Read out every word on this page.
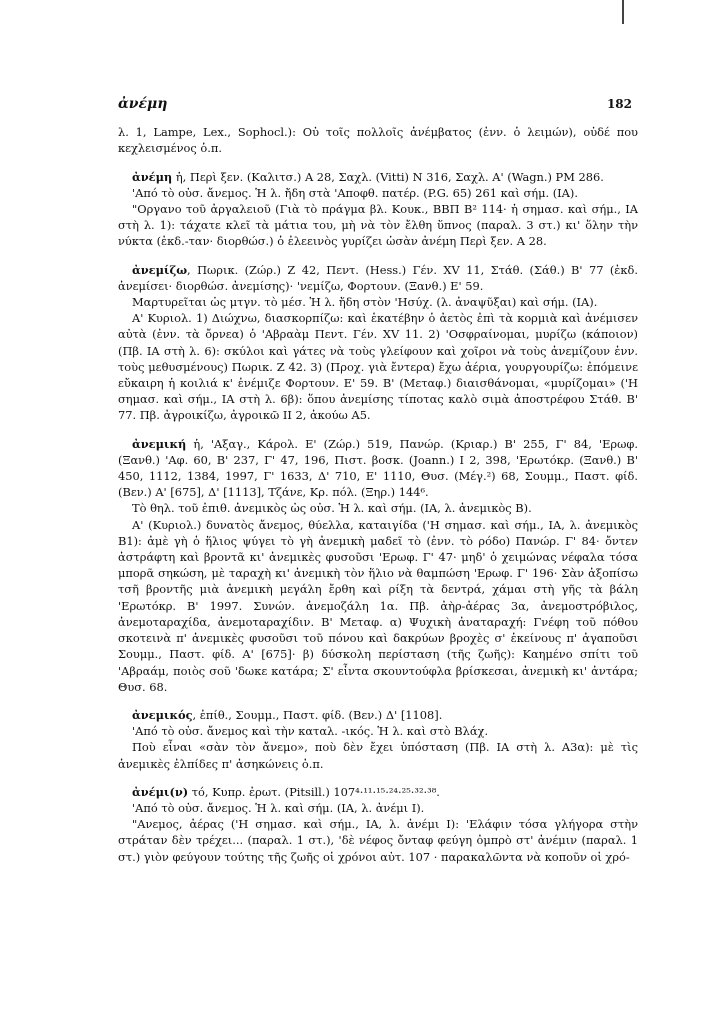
ἀνέμη	182

λ. 1, Lampe, Lex., Sophocl.): Οὐ τοῖς πολλοῖς ἀνέμβατος (ἐνν. ὁ λειμών), οὐδέ που κεχλεισμένος ὁ.π.

ἀνέμη ἡ, Περὶ ξεν. (Καλιτσ.) Α 28, Σαχλ. (Vitti) Ν 316, Σαχλ. Α' (Wagn.) ΡΜ 286.

'Από τὸ οὐσ. ἄνεμος. Ἡ λ. ἤδη στὰ 'Αποφθ. πατέρ. (P.G. 65) 261 καὶ σήμ. (ΙΑ).

"Οργανο τοῦ ἀργαλειοῦ (Γιὰ τὸ πράγμα βλ. Κουκ., ΒΒΠ Β² 114· ἡ σημασ. καὶ σήμ., ΙΑ στὴ λ. 1): τάχατε κλεῖ τὰ μάτια του, μὴ νὰ τὸν ἔλθη ὕπνος (παραλ. 3 στ.) κι' ὅλην τὴν νύκτα (ἐκδ.-ταν· διορθώσ.) ὁ ἐλεεινὸς γυρίζει ὡσὰν ἀνέμη Περὶ ξεν. Α 28.

ἀνεμίζω, Πωρικ. (Ζώρ.) Ζ 42, Πεντ. (Hess.) Γέν. XV 11, Στάθ. (Σάθ.) Β' 77 (ἐκδ. ἀνεμίσει· διορθώσ. ἀνεμίσης)· 'νεμίζω, Φορτουν. (Ξανθ.) Ε' 59.

Μαρτυρεῖται ὡς μτγν. τὸ μέσ. Ἡ λ. ἤδη στὸν 'Ησύχ. (λ. ἀναψῦξαι) καὶ σήμ. (ΙΑ).

Α' Κυριολ. 1) Διώχνω, διασκορπίζω: καὶ ἑκατέβην ὁ ἀετὸς ἐπὶ τὰ κορμιὰ καὶ ἀνέμισεν αὐτὰ (ἐνν. τὰ ὄρνεα) ὁ 'Αβραὰμ Πεντ. Γέν. XV 11. 2) 'Οσφραίνομαι, μυρίζω (κάποιον) (Πβ. ΙΑ στὴ λ. 6): σκύλοι καὶ γάτες νὰ τοὺς γλείφουν καὶ χοῖροι νὰ τοὺς ἀνεμίζουν ἐνν. τοὺς μεθυσμένους) Πωρικ. Ζ 42. 3) (Προχ. γιὰ ἔντερα) ἔχω ἀέρια, γουργουρίζω: ἐπόμεινε εὔκαιρη ἡ κοιλιά κ' ἐνέμιζε Φορτουν. Ε' 59. Β' (Μεταφ.) διαισθάνομαι, «μυρίζομαι» ('Η σημασ. καὶ σήμ., ΙΑ στὴ λ. 6β): ὅπου ἀνεμίσης τίποτας καλὸ σιμὰ ἀποστρέφου Στάθ. Β' 77. Πβ. ἀγροικίζω, ἀγροικῶ ΙΙ 2, ἀκούω Α5.

ἀνεμική ἡ, 'Αξαγ., Κάρολ. Ε' (Ζώρ.) 519, Πανώρ. (Κριαρ.) Β' 255, Γ' 84, 'Ερωφ. (Ξανθ.) 'Αφ. 60, Β' 237, Γ' 47, 196, Πιστ. βοσκ. (Joann.) Ι 2, 398, 'Ερωτόκρ. (Ξανθ.) Β' 450, 1112, 1384, 1997, Γ' 1633, Δ' 710, Ε' 1110, Θυσ. (Μέγ.²) 68, Σουμμ., Παστ. φίδ. (Βεν.) Α' [675], Δ' [1113], Τζάνε, Κρ. πόλ. (Ξηρ.) 144⁶.

Τὸ θηλ. τοῦ ἐπιθ. ἀνεμικὸς ὡς οὐσ. Ἡ λ. καὶ σήμ. (ΙΑ, λ. ἀνεμικὸς Β).

Α' (Κυριολ.) δυνατὸς ἄνεμος, θύελλα, καταιγίδα ('Η σημασ. καὶ σήμ., ΙΑ, λ. ἀνεμικὸς Β1): ἀμὲ γὴ ὁ ἥλιος ψύγει τὸ γὴ ἀνεμικὴ μαδεῖ τὸ (ἐνν. τὸ ρόδο) Πανώρ. Γ' 84· ὄντεν ἀστράφτη καὶ βροντᾶ κι' ἀνεμικὲς φυσοῦσι 'Ερωφ. Γ' 47· μηδ' ὁ χειμώνας νέφαλα τόσα μπορᾶ σηκώση, μὲ ταραχὴ κι' ἀνεμικὴ τὸν ἥλιο νὰ θαμπώση 'Ερωφ. Γ' 196· Σὰν ἀξοπίσω τσῆ βροντῆς μιὰ ἀνεμικὴ μεγάλη ἔρθη καὶ ρίξη τὰ δεντρά, χάμαι στὴ γῆς τὰ βάλη 'Ερωτόκρ. Β' 1997. Συνών. ἀνεμοζάλη 1α. Πβ. ἀὴρ-ἀέρας 3α, ἀνεμοστρόβιλος, ἀνεμοταραχίδα, ἀνεμοταραχίδιν. Β' Μεταφ. α) Ψυχικὴ ἀναταραχή: Γνέφη τοῦ πόθου σκοτεινὰ π' ἀνεμικὲς φυσοῦσι τοῦ πόνου καὶ δακρύων βροχὲς σ' ἐκείνους π' ἀγαποῦσι Σουμμ., Παστ. φίδ. Α' [675]· β) δύσκολη περίσταση (τῆς ζωῆς): Καημένο σπίτι τοῦ 'Αβραάμ, ποιὸς σοῦ 'δωκε κατάρα; Σ' εἶντα σκουντούφλα βρίσκεσαι, ἀνεμικὴ κι' ἀντάρα; Θυσ. 68.

ἀνεμικός, ἐπίθ., Σουμμ., Παστ. φίδ. (Βεν.) Δ' [1108].

'Από τὸ οὐσ. ἄνεμος καὶ τὴν καταλ. -ικός. Ἡ λ. καὶ στὸ Βλάχ.

Ποὺ εἶναι «σὰν τὸν ἄνεμο», ποὺ δὲν ἔχει ὑπόσταση (Πβ. ΙΑ στὴ λ. Α3α): μὲ τὶς ἀνεμικὲς ἐλπίδες π' ἀσηκώνεις ὁ.π.

ἀνέμι(ν) τό, Κυπρ. ἐρωτ. (Pitsill.) 107⁴·¹¹·¹⁵·²⁴·²⁵·³²·³⁸.

'Από τὸ οὐσ. ἄνεμος. Ἡ λ. καὶ σήμ. (ΙΑ, λ. ἀνέμι Ι).

"Ανεμος, ἀέρας ('Η σημασ. καὶ σήμ., ΙΑ, λ. ἀνέμι Ι): 'Ελάφιν τόσα γλήγορα στὴν στράταν δὲν τρέχει... (παραλ. 1 στ.), 'δὲ νέφος ὄνταφ φεύγη ὀμπρὸ στ' ἀνέμιν (παραλ. 1 στ.) γιὸν φεύγουν τούτης τῆς ζωῆς οἱ χρόνοι αὐτ. 107 · παρακαλῶντα νὰ κοποῦν οἱ χρό-
